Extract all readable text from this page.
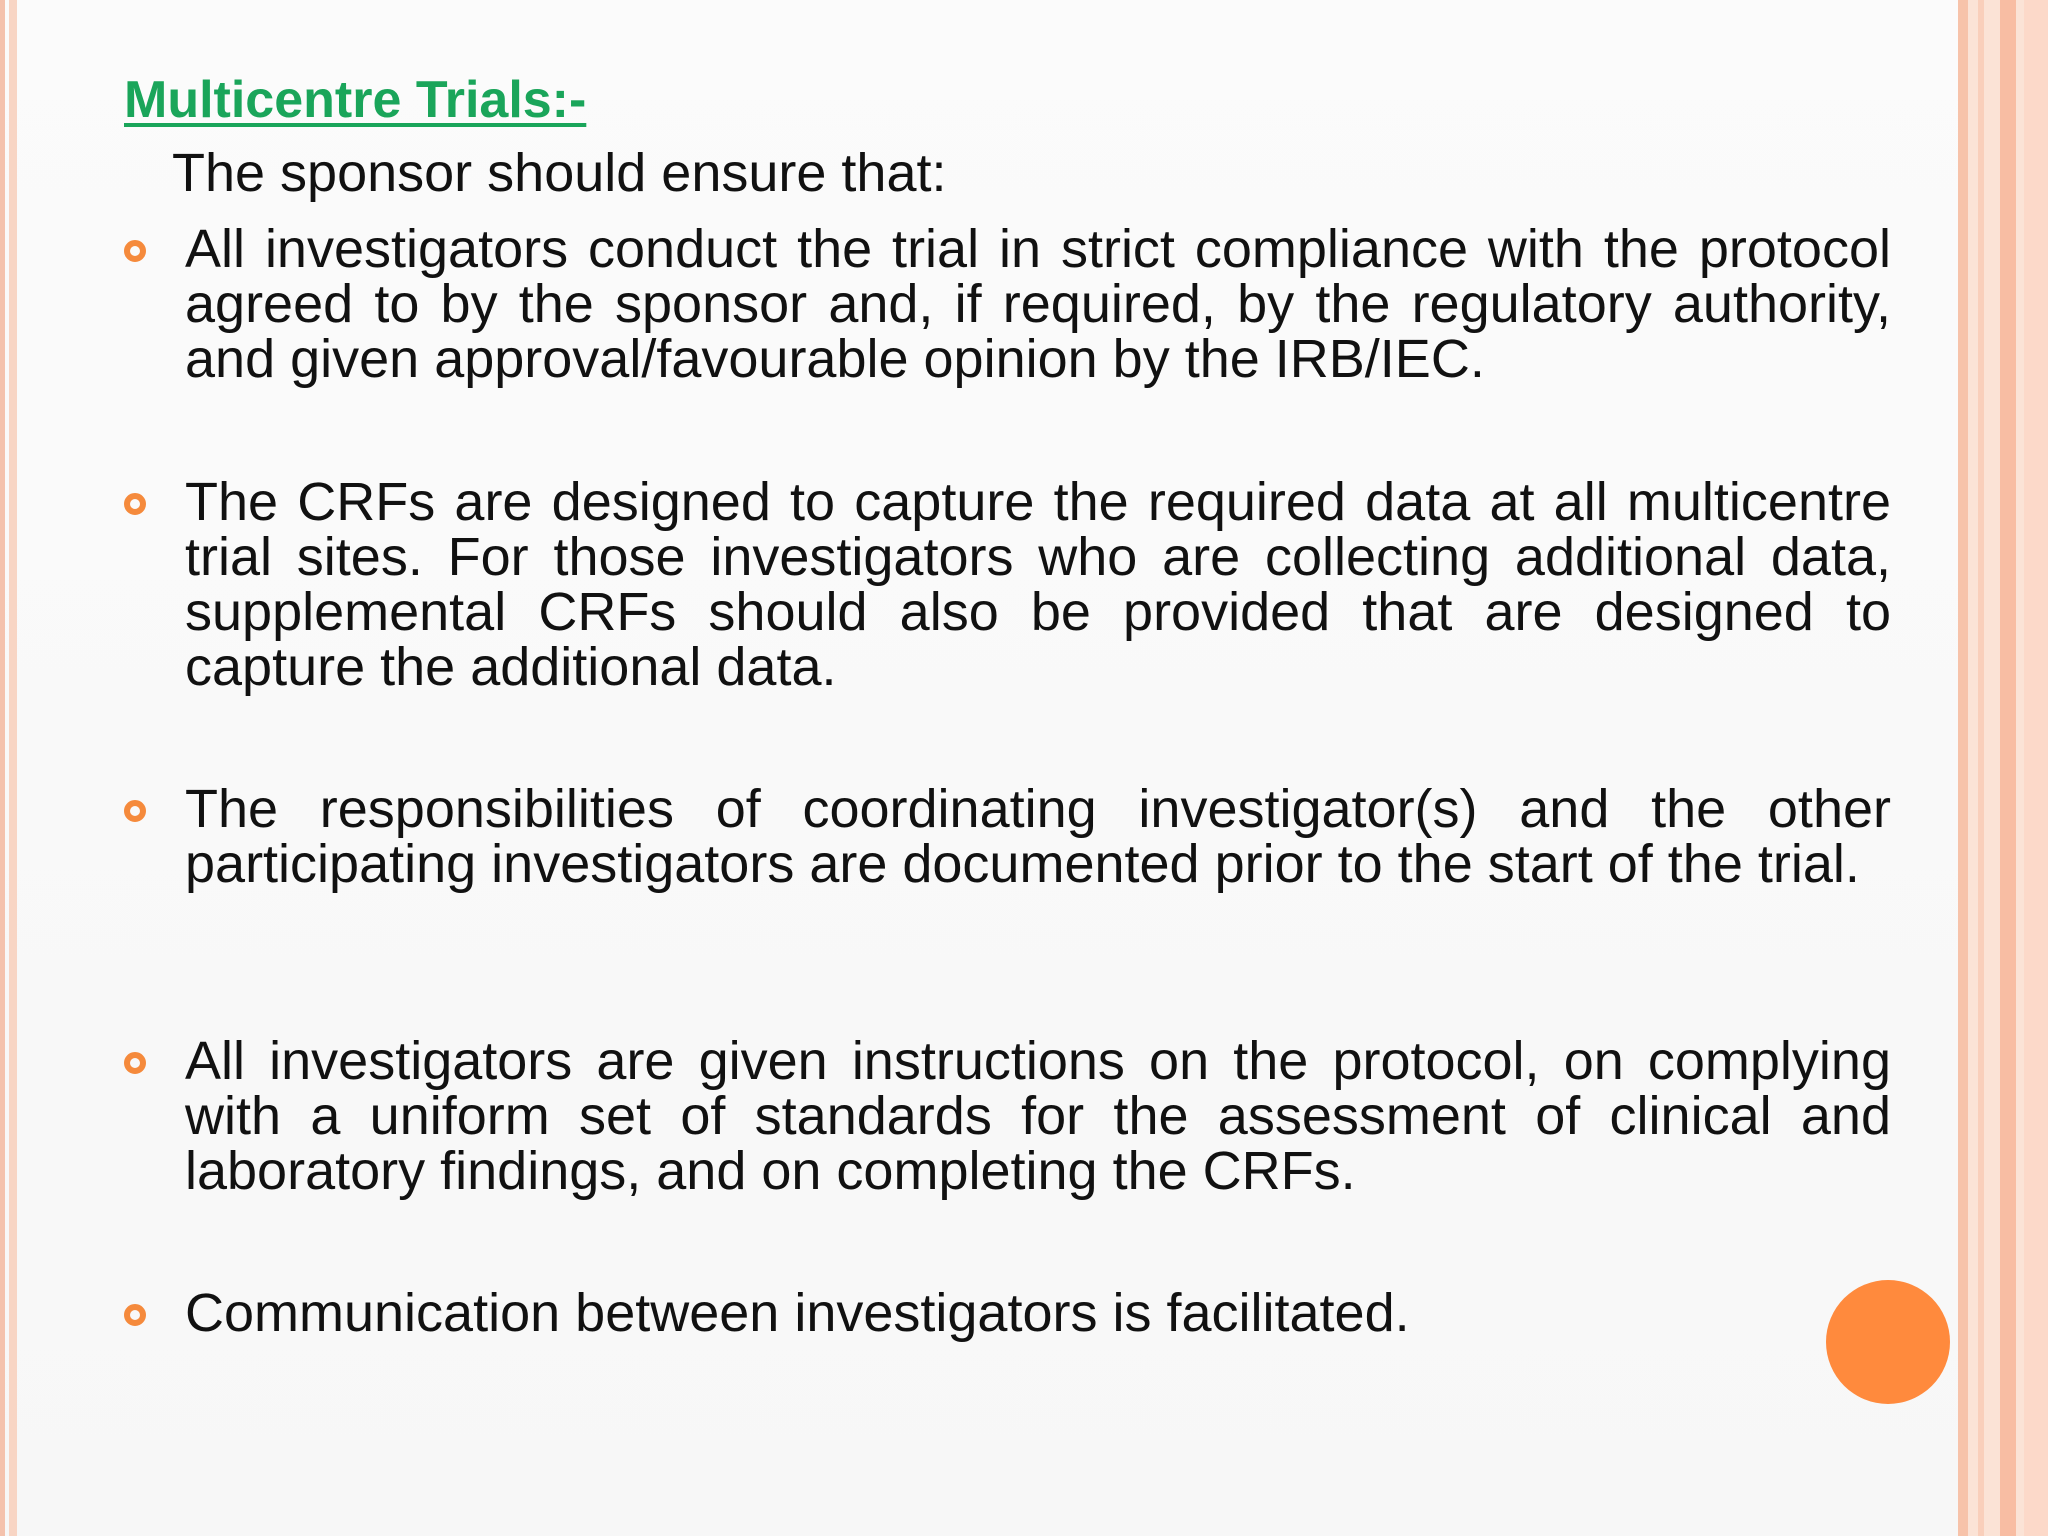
Multicentre Trials:-

The sponsor should ensure that:

All investigators conduct the trial in strict compliance with the protocol agreed to by the sponsor and, if required, by the regulatory authority, and given approval/favourable opinion by the IRB/IEC.

The CRFs are designed to capture the required data at all multicentre trial sites. For those investigators who are collecting additional data, supplemental CRFs should also be provided that are designed to capture the additional data.

The responsibilities of coordinating investigator(s) and the other participating investigators are documented prior to the start of the trial.

All investigators are given instructions on the protocol, on complying with a uniform set of standards for the assessment of clinical and laboratory findings, and on completing the CRFs.

Communication between investigators is facilitated.
